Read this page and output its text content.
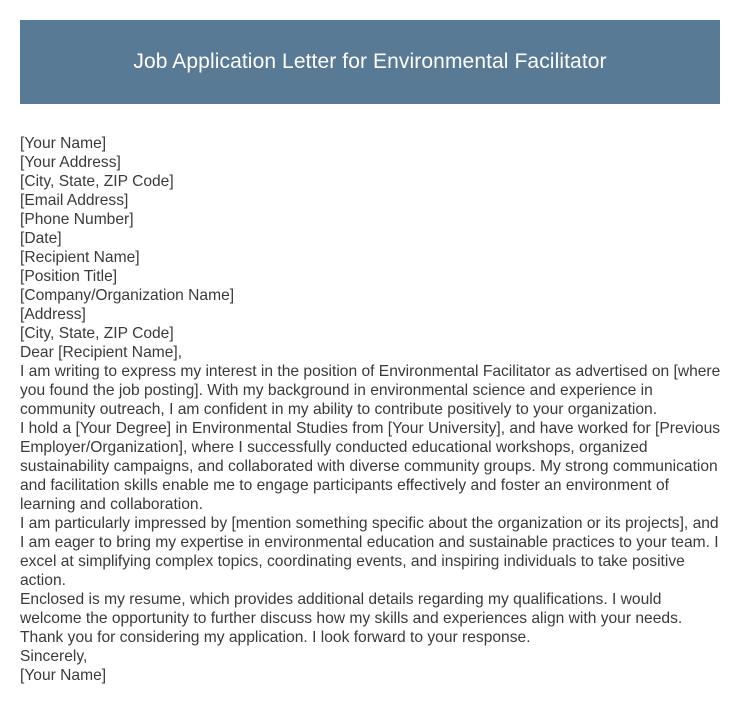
Job Application Letter for Environmental Facilitator
[Your Name]
[Your Address]
[City, State, ZIP Code]
[Email Address]
[Phone Number]
[Date]
[Recipient Name]
[Position Title]
[Company/Organization Name]
[Address]
[City, State, ZIP Code]
Dear [Recipient Name],
I am writing to express my interest in the position of Environmental Facilitator as advertised on [where you found the job posting]. With my background in environmental science and experience in community outreach, I am confident in my ability to contribute positively to your organization.
I hold a [Your Degree] in Environmental Studies from [Your University], and have worked for [Previous Employer/Organization], where I successfully conducted educational workshops, organized sustainability campaigns, and collaborated with diverse community groups. My strong communication and facilitation skills enable me to engage participants effectively and foster an environment of learning and collaboration.
I am particularly impressed by [mention something specific about the organization or its projects], and I am eager to bring my expertise in environmental education and sustainable practices to your team. I excel at simplifying complex topics, coordinating events, and inspiring individuals to take positive action.
Enclosed is my resume, which provides additional details regarding my qualifications. I would welcome the opportunity to further discuss how my skills and experiences align with your needs.
Thank you for considering my application. I look forward to your response.
Sincerely,
[Your Name]
